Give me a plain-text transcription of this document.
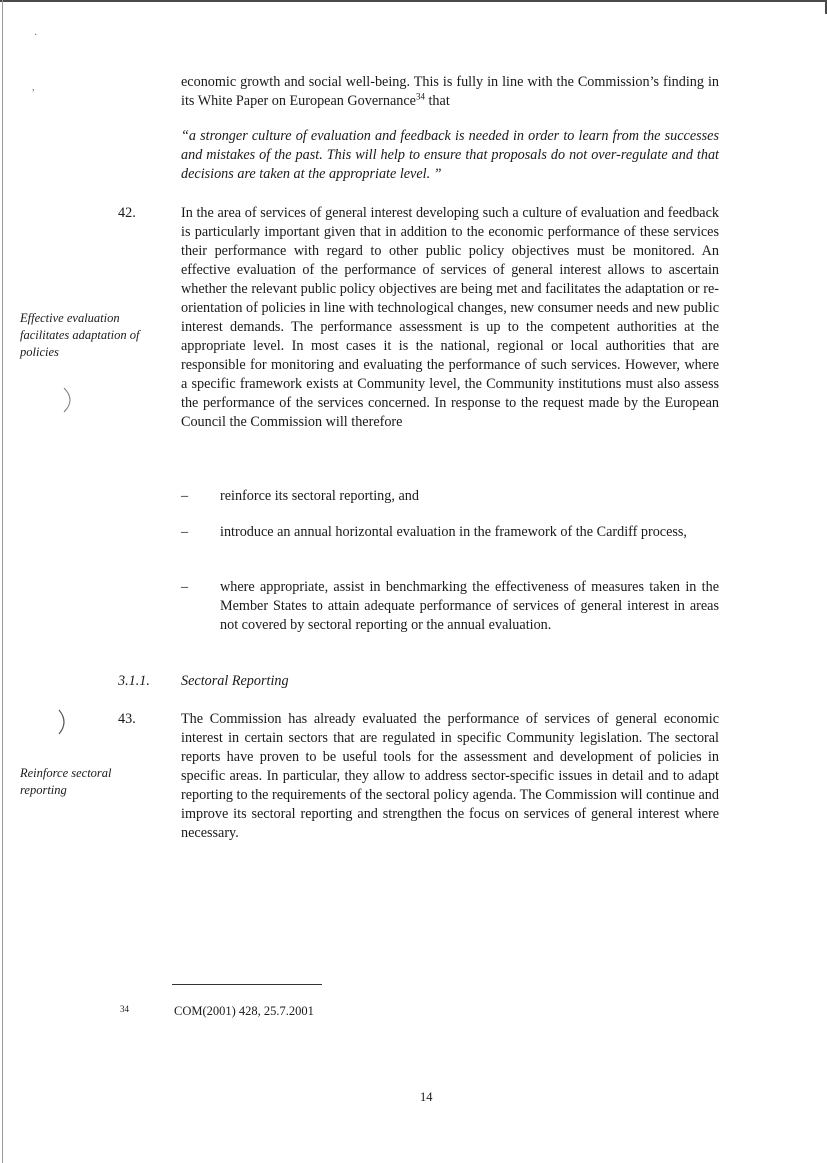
·
,	economic growth and social well-being. This is fully in line with the Commission’s finding in its White Paper on European Governance$^{34}$ that

“a stronger culture of evaluation and feedback is needed in order to learn from the successes and mistakes of the past. This will help to ensure that proposals do not over-regulate and that decisions are taken at the appropriate level. ”

42.	In the area of services of general interest developing such a culture of evaluation and feedback is particularly important given that in addition to the economic performance of these services their performance with regard to other public policy objectives must be monitored. An effective evaluation of the performance of services of general interest allows to ascertain whether the relevant public policy objectives are being met and facilitates the adaptation or re-orientation of policies in line with technological changes, new consumer needs and new public interest demands. The performance assessment is up to the competent authorities at the appropriate level. In most cases it is the national, regional or local authorities that are responsible for monitoring and evaluating the performance of such services. However, where a specific framework exists at Community level, the Community institutions must also assess the performance of the services concerned. In response to the request made by the European Council the Commission will therefore

Effective evaluation facilitates adaptation of policies

– reinforce its sectoral reporting, and
– introduce an annual horizontal evaluation in the framework of the Cardiff process,
– where appropriate, assist in benchmarking the effectiveness of measures taken in the Member States to attain adequate performance of services of general interest in areas not covered by sectoral reporting or the annual evaluation.

3.1.1. Sectoral Reporting

43.	The Commission has already evaluated the performance of services of general economic interest in certain sectors that are regulated in specific Community legislation. The sectoral reports have proven to be useful tools for the assessment and development of policies in specific areas. In particular, they allow to address sector-specific issues in detail and to adapt reporting to the requirements of the sectoral policy agenda. The Commission will continue and improve its sectoral reporting and strengthen the focus on services of general interest where necessary.

Reinforce sectoral reporting

34	COM(2001) 428, 25.7.2001
14
